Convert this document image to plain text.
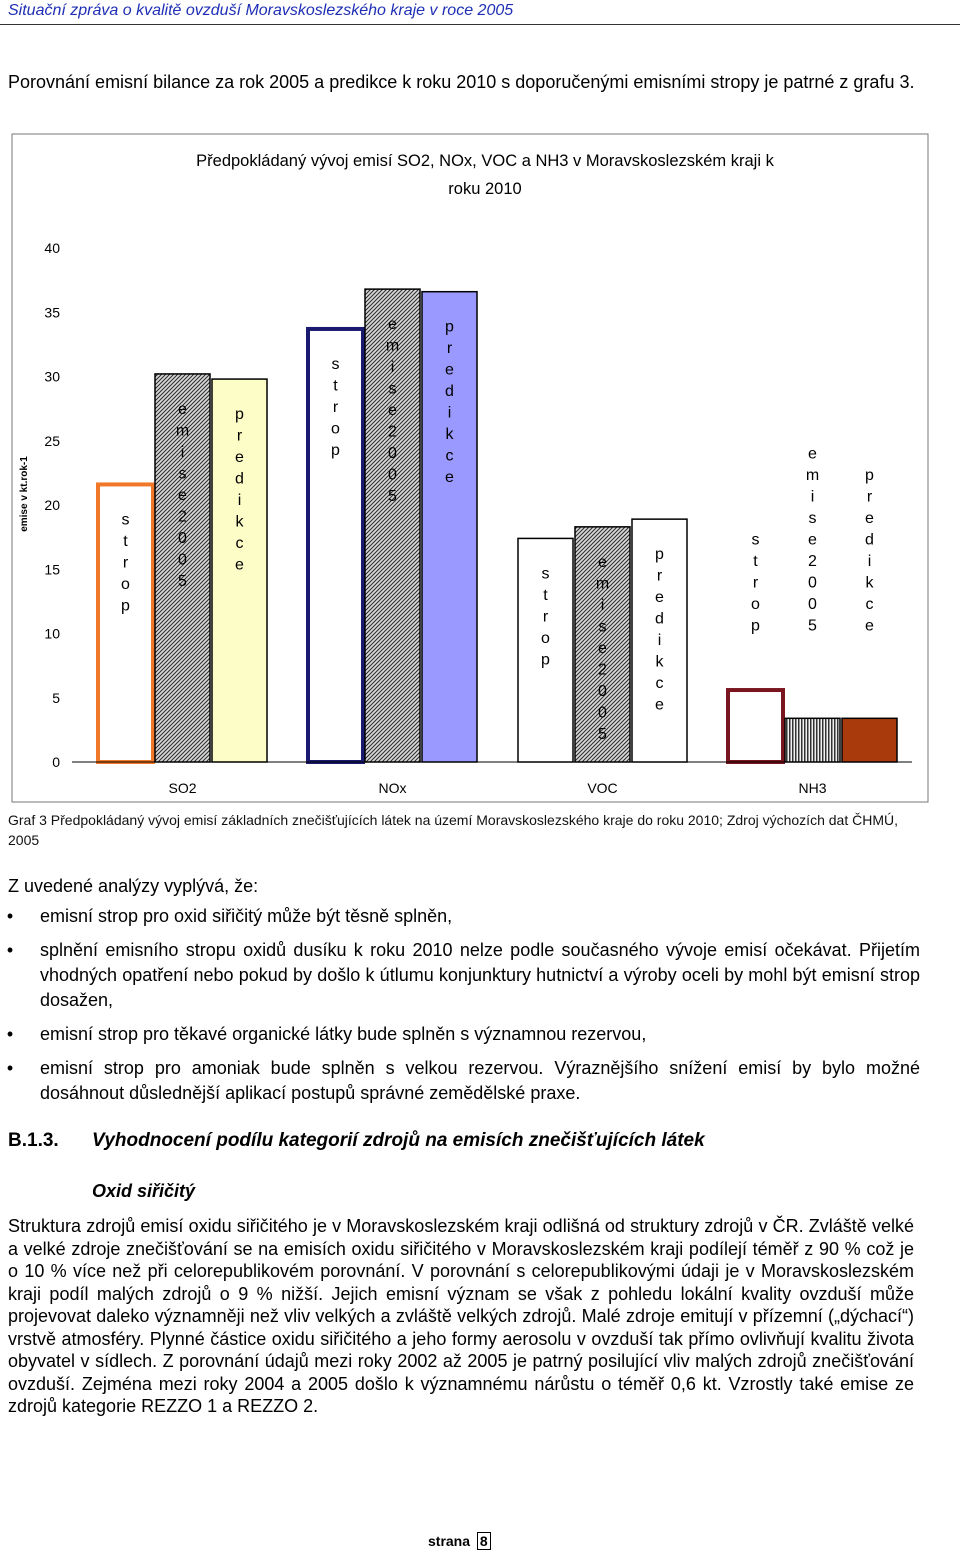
Situační zpráva o kvalitě ovzduší Moravskoslezského kraje v roce 2005
Porovnání emisní bilance za rok 2005 a predikce k roku 2010 s doporučenými emisními stropy je patrné z grafu 3.
Předpokládaný vývoj emisí SO2, NOx, VOC a NH3 v Moravskoslezském kraji k
roku 2010
emise v kt.rok-1
0
5
10
15
20
25
30
35
40
s
t
r
o
p
e
m
i
s
e
2
0
0
5
p
r
e
d
i
k
c
e
s
t
r
o
p
e
m
i
s
e
2
0
0
5
p
r
e
d
i
k
c
e
s
t
r
o
p
e
m
i
s
e
2
0
0
5
p
r
e
d
i
k
c
e
s
t
r
o
p
e
m
i
s
e
2
0
0
5
p
r
e
d
i
k
c
e
SO2	NOx	VOC	NH3
Graf 3 Předpokládaný vývoj emisí základních znečišťujících látek na území Moravskoslezského kraje do roku 2010; Zdroj výchozích dat ČHMÚ, 2005
Z uvedené analýzy vyplývá, že:
•	emisní strop pro oxid siřičitý může být těsně splněn,
•	splnění emisního stropu oxidů dusíku k roku 2010 nelze podle současného vývoje emisí očekávat. Přijetím vhodných opatření nebo pokud by došlo k útlumu konjunktury hutnictví a výroby oceli by mohl být emisní strop dosažen,
•	emisní strop pro těkavé organické látky bude splněn s významnou rezervou,
•	emisní strop pro amoniak bude splněn s velkou rezervou. Výraznějšího snížení emisí by bylo možné dosáhnout důslednější aplikací postupů správné zemědělské praxe.
B.1.3. Vyhodnocení podílu kategorií zdrojů na emisích znečišťujících látek
Oxid siřičitý
Struktura zdrojů emisí oxidu siřičitého je v Moravskoslezském kraji odlišná od struktury zdrojů v ČR. Zvláště velké a velké zdroje znečišťování se na emisích oxidu siřičitého v Moravskoslezském kraji podílejí téměř z 90 % což je o 10 % více než při celorepublikovém porovnání. V porovnání s celorepublikovými údaji je v Moravskoslezském kraji podíl malých zdrojů o 9 % nižší. Jejich emisní význam se však z pohledu lokální kvality ovzduší může projevovat daleko významněji než vliv velkých a zvláště velkých zdrojů. Malé zdroje emitují v přízemní („dýchací“) vrstvě atmosféry. Plynné částice oxidu siřičitého a jeho formy aerosolu v ovzduší tak přímo ovlivňují kvalitu života obyvatel v sídlech. Z porovnání údajů mezi roky 2002 až 2005 je patrný posilující vliv malých zdrojů znečišťování ovzduší. Zejména mezi roky 2004 a 2005 došlo k významnému nárůstu o téměř 0,6 kt. Vzrostly také emise ze zdrojů kategorie REZZO 1 a REZZO 2.
strana 8
